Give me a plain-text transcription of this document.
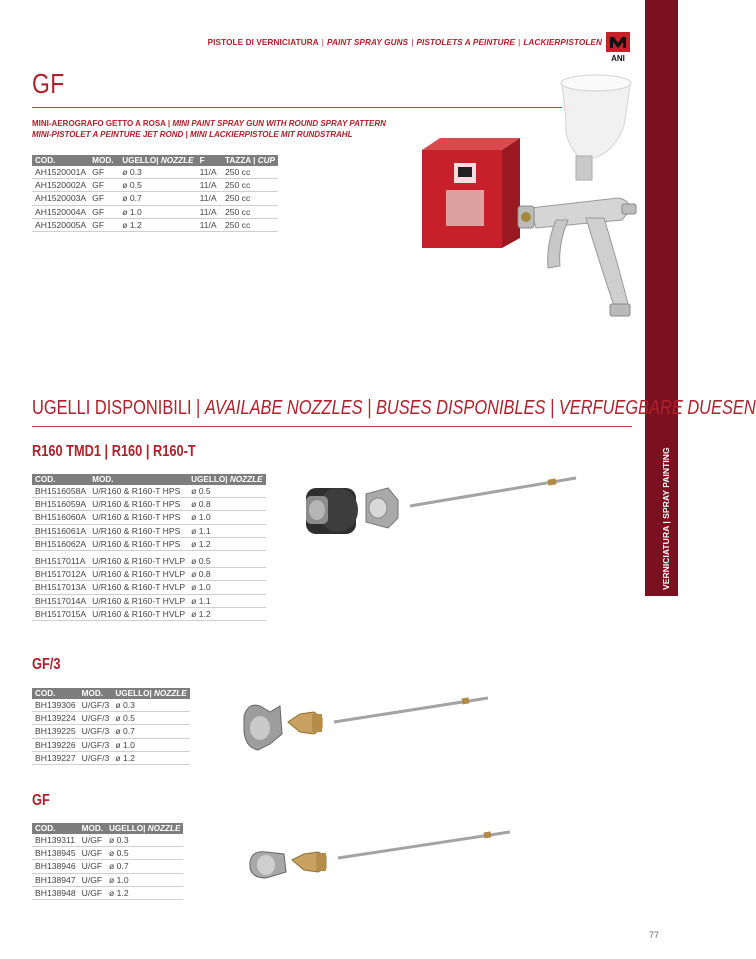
PISTOLE DI VERNICIATURA | PAINT SPRAY GUNS | PISTOLETS A PEINTURE | LACKIERPISTOLEN
ANI
VERNICIATURA | SPRAY PAINTING
GF
MINI-AEROGRAFO GETTO A ROSA | MINI PAINT SPRAY GUN WITH ROUND SPRAY PATTERN
MINI-PISTOLET A PEINTURE JET ROND | MINI LACKIERPISTOLE MIT RUNDSTRAHL
COD.	MOD.	UGELLO| NOZZLE	F	TAZZA | CUP
AH1520001A	GF	ø 0.3	11/A	250 cc
AH1520002A	GF	ø 0.5	11/A	250 cc
AH1520003A	GF	ø 0.7	11/A	250 cc
AH1520004A	GF	ø 1.0	11/A	250 cc
AH1520005A	GF	ø 1.2	11/A	250 cc
UGELLI DISPONIBILI | AVAILABE NOZZLES | BUSES DISPONIBLES | VERFUEGBARE DUESEN
R160 TMD1 | R160 | R160-T
COD.	MOD.	UGELLO| NOZZLE
BH1516058A	U/R160 & R160-T HPS	ø 0.5
BH1516059A	U/R160 & R160-T HPS	ø 0.8
BH1516060A	U/R160 & R160-T HPS	ø 1.0
BH1516061A	U/R160 & R160-T HPS	ø 1.1
BH1516062A	U/R160 & R160-T HPS	ø 1.2
BH1517011A	U/R160 & R160-T HVLP	ø 0.5
BH1517012A	U/R160 & R160-T HVLP	ø 0.8
BH1517013A	U/R160 & R160-T HVLP	ø 1.0
BH1517014A	U/R160 & R160-T HVLP	ø 1.1
BH1517015A	U/R160 & R160-T HVLP	ø 1.2
GF/3
COD.	MOD.	UGELLO| NOZZLE
BH139306	U/GF/3	ø 0.3
BH139224	U/GF/3	ø 0.5
BH139225	U/GF/3	ø 0.7
BH139226	U/GF/3	ø 1.0
BH139227	U/GF/3	ø 1.2
GF
COD.	MOD.	UGELLO| NOZZLE
BH139311	U/GF	ø 0.3
BH138945	U/GF	ø 0.5
BH138946	U/GF	ø 0.7
BH138947	U/GF	ø 1.0
BH138948	U/GF	ø 1.2
77
